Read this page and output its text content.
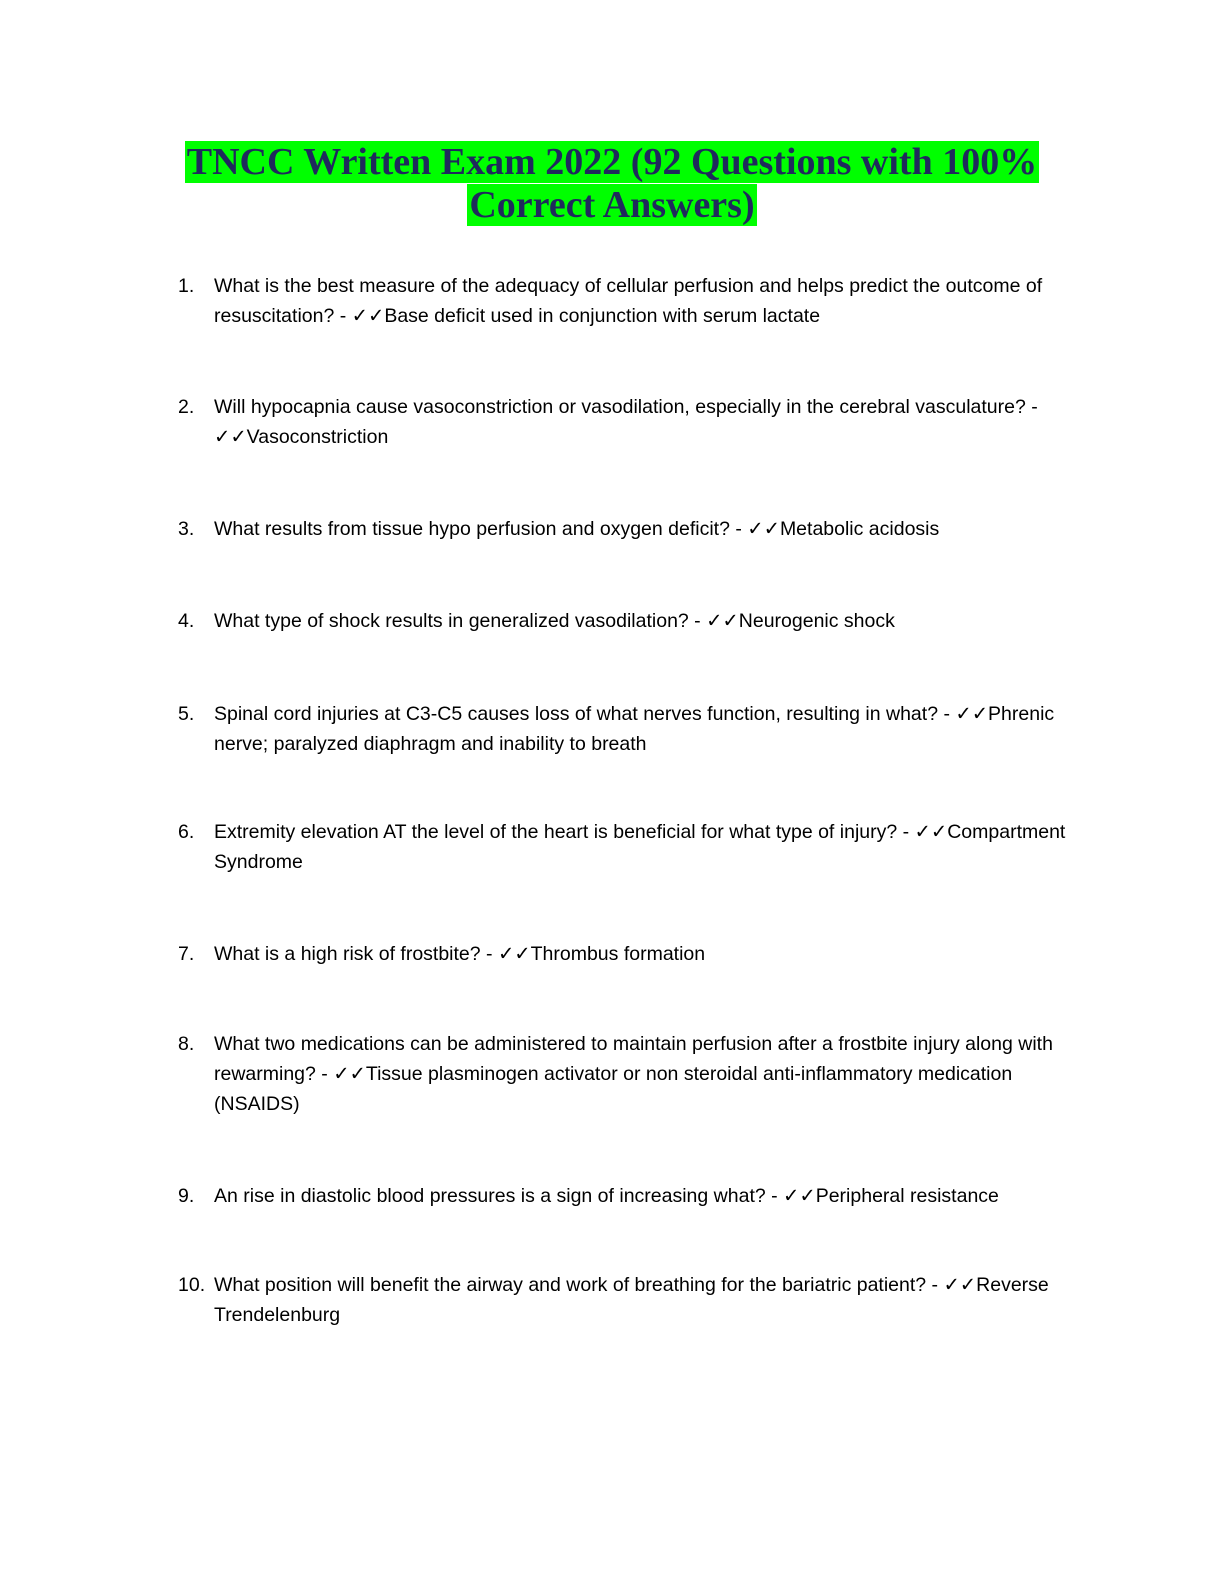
TNCC Written Exam 2022 (92 Questions with 100%
Correct Answers)
1.	What is the best measure of the adequacy of cellular perfusion and helps predict the outcome of resuscitation? - ✓✓Base deficit used in conjunction with serum lactate
2.	Will hypocapnia cause vasoconstriction or vasodilation, especially in the cerebral vasculature? - ✓✓Vasoconstriction
3.	What results from tissue hypo perfusion and oxygen deficit? - ✓✓Metabolic acidosis
4.	What type of shock results in generalized vasodilation? - ✓✓Neurogenic shock
5.	Spinal cord injuries at C3-C5 causes loss of what nerves function, resulting in what? - ✓✓Phrenic nerve; paralyzed diaphragm and inability to breath
6.	Extremity elevation AT the level of the heart is beneficial for what type of injury? - ✓✓Compartment Syndrome
7.	What is a high risk of frostbite? - ✓✓Thrombus formation
8.	What two medications can be administered to maintain perfusion after a frostbite injury along with rewarming? - ✓✓Tissue plasminogen activator or non steroidal anti-inflammatory medication (NSAIDS)
9.	An rise in diastolic blood pressures is a sign of increasing what? - ✓✓Peripheral resistance
10. What position will benefit the airway and work of breathing for the bariatric patient? - ✓✓Reverse Trendelenburg
